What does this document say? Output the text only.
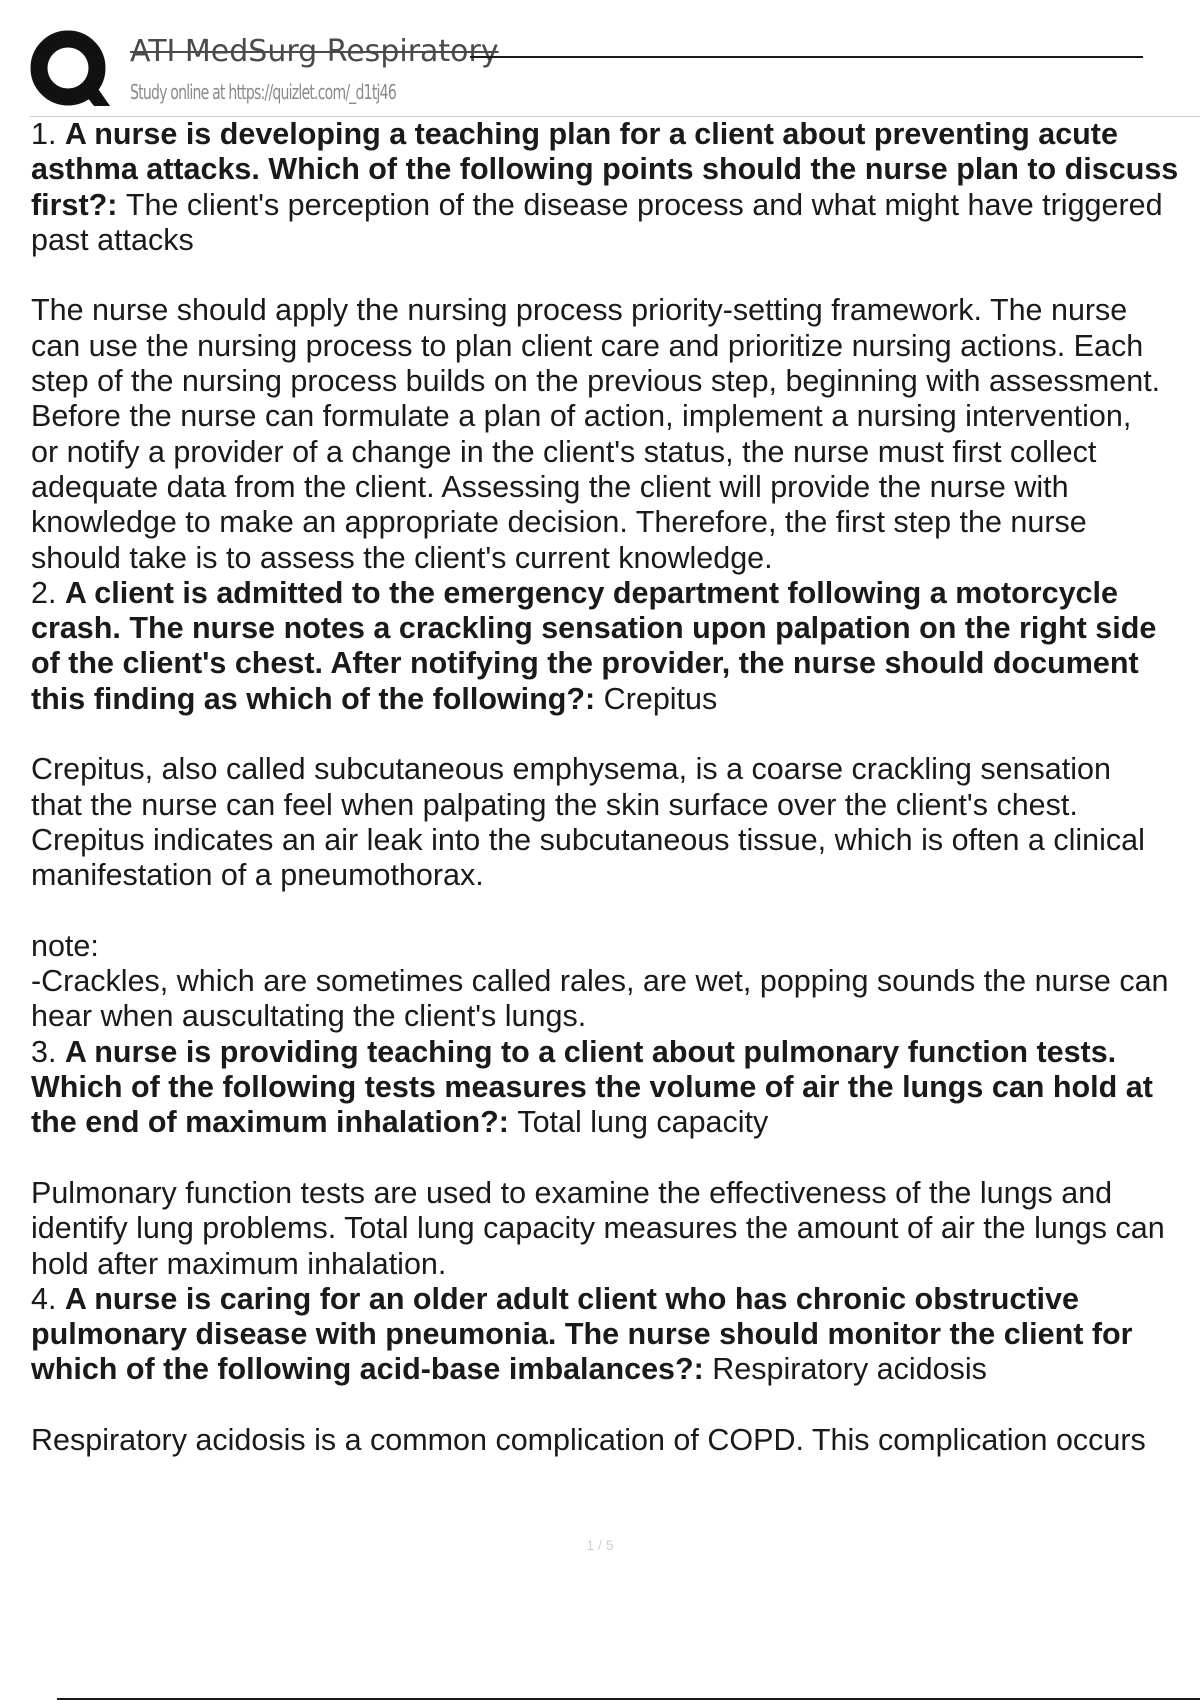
ATI MedSurg Respiratory
Study online at https://quizlet.com/_d1tj46
1. A nurse is developing a teaching plan for a client about preventing acute
asthma attacks. Which of the following points should the nurse plan to discuss
first?: The client's perception of the disease process and what might have triggered
past attacks
The nurse should apply the nursing process priority-setting framework. The nurse
can use the nursing process to plan client care and prioritize nursing actions. Each
step of the nursing process builds on the previous step, beginning with assessment.
Before the nurse can formulate a plan of action, implement a nursing intervention,
or notify a provider of a change in the client's status, the nurse must first collect
adequate data from the client. Assessing the client will provide the nurse with
knowledge to make an appropriate decision. Therefore, the first step the nurse
should take is to assess the client's current knowledge.
2. A client is admitted to the emergency department following a motorcycle
crash. The nurse notes a crackling sensation upon palpation on the right side
of the client's chest. After notifying the provider, the nurse should document
this finding as which of the following?: Crepitus
Crepitus, also called subcutaneous emphysema, is a coarse crackling sensation
that the nurse can feel when palpating the skin surface over the client's chest.
Crepitus indicates an air leak into the subcutaneous tissue, which is often a clinical
manifestation of a pneumothorax.
note:
-Crackles, which are sometimes called rales, are wet, popping sounds the nurse can
hear when auscultating the client's lungs.
3. A nurse is providing teaching to a client about pulmonary function tests.
Which of the following tests measures the volume of air the lungs can hold at
the end of maximum inhalation?: Total lung capacity
Pulmonary function tests are used to examine the effectiveness of the lungs and
identify lung problems. Total lung capacity measures the amount of air the lungs can
hold after maximum inhalation.
4. A nurse is caring for an older adult client who has chronic obstructive
pulmonary disease with pneumonia. The nurse should monitor the client for
which of the following acid-base imbalances?: Respiratory acidosis
Respiratory acidosis is a common complication of COPD. This complication occurs
1 / 5
